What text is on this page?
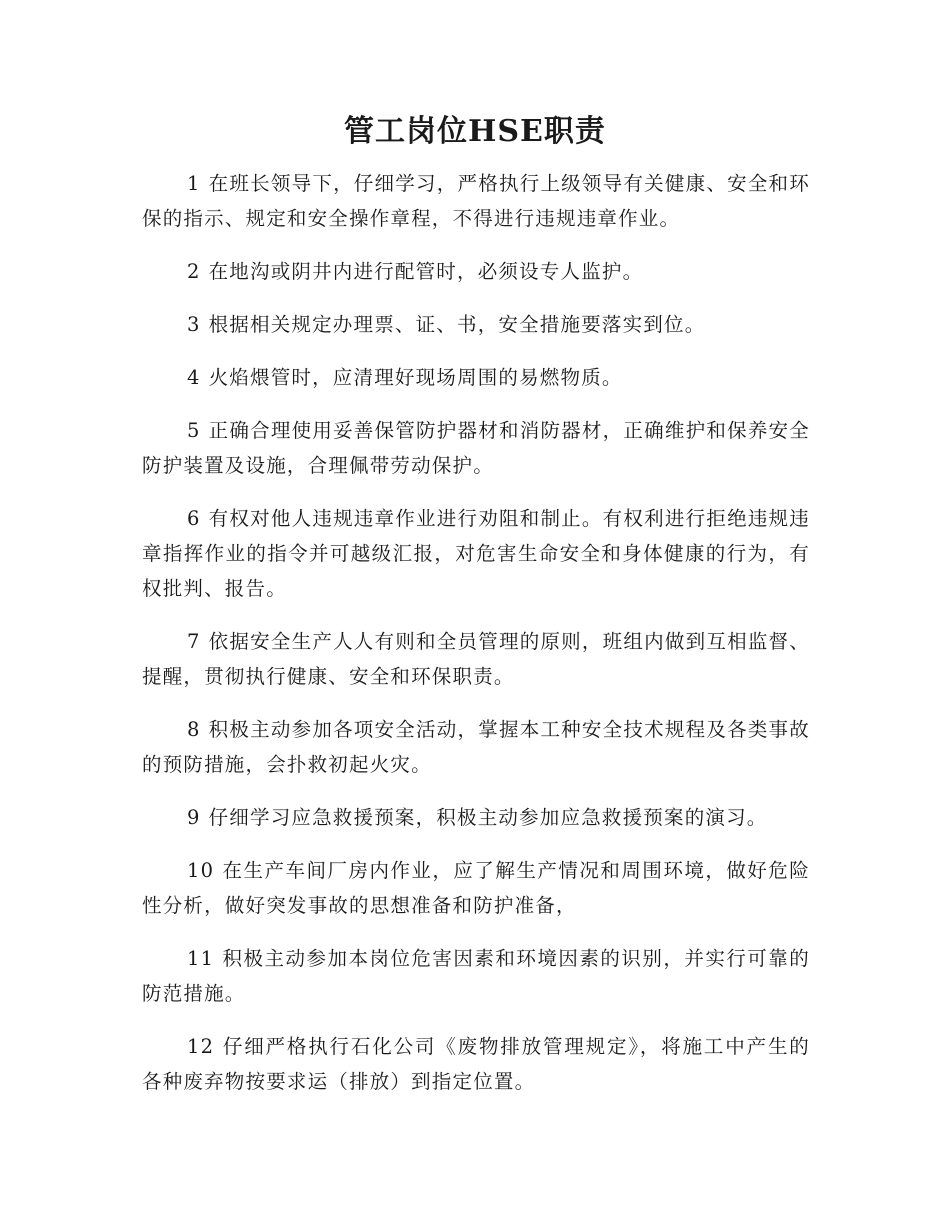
管工岗位HSE职责

1 在班长领导下，仔细学习，严格执行上级领导有关健康、安全和环保的指示、规定和安全操作章程，不得进行违规违章作业。

2 在地沟或阴井内进行配管时，必须设专人监护。

3 根据相关规定办理票、证、书，安全措施要落实到位。

4 火焰煨管时，应清理好现场周围的易燃物质。

5 正确合理使用妥善保管防护器材和消防器材，正确维护和保养安全防护装置及设施，合理佩带劳动保护。

6 有权对他人违规违章作业进行劝阻和制止。有权利进行拒绝违规违章指挥作业的指令并可越级汇报，对危害生命安全和身体健康的行为，有权批判、报告。

7 依据安全生产人人有则和全员管理的原则，班组内做到互相监督、提醒，贯彻执行健康、安全和环保职责。

8 积极主动参加各项安全活动，掌握本工种安全技术规程及各类事故的预防措施，会扑救初起火灾。

9 仔细学习应急救援预案，积极主动参加应急救援预案的演习。

10 在生产车间厂房内作业，应了解生产情况和周围环境，做好危险性分析，做好突发事故的思想准备和防护准备，

11 积极主动参加本岗位危害因素和环境因素的识别，并实行可靠的防范措施。

12 仔细严格执行石化公司《废物排放管理规定》，将施工中产生的各种废弃物按要求运（排放）到指定位置。
